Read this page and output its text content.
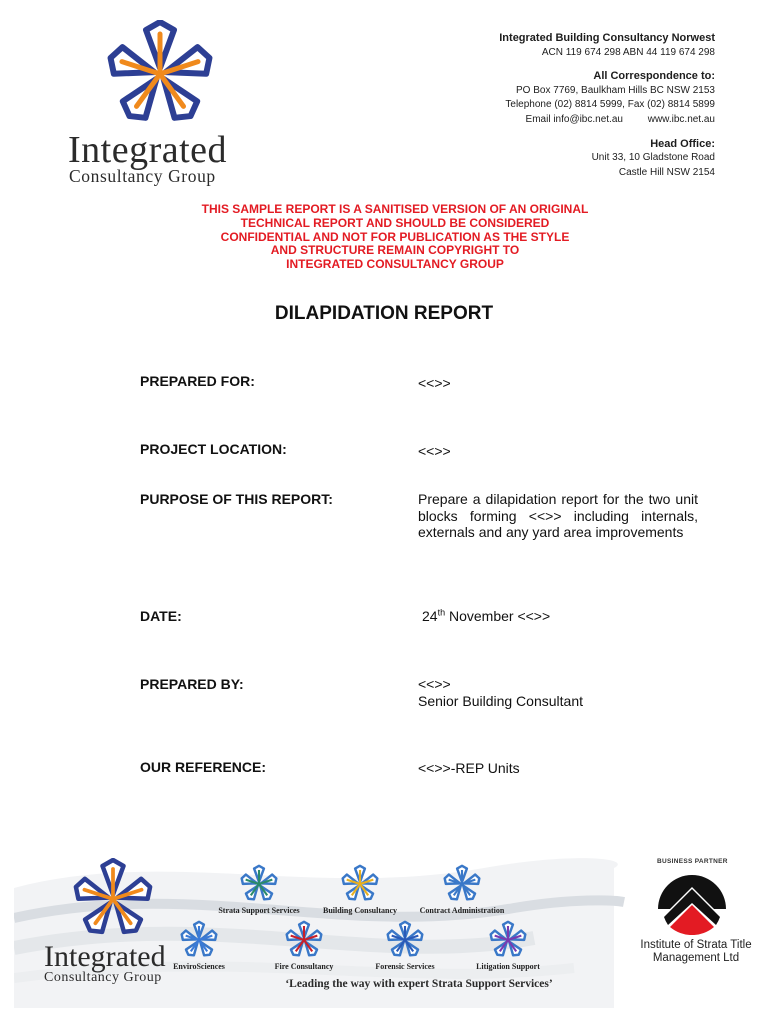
Integrated
Consultancy Group
Integrated Building Consultancy Norwest
ACN 119 674 298 ABN 44 119 674 298
All Correspondence to:
PO Box 7769, Baulkham Hills BC NSW 2153
Telephone (02) 8814 5999, Fax (02) 8814 5899
Email info@ibc.net.au www.ibc.net.au
Head Office:
Unit 33, 10 Gladstone Road
Castle Hill NSW 2154
THIS SAMPLE REPORT IS A SANITISED VERSION OF AN ORIGINAL
TECHNICAL REPORT AND SHOULD BE CONSIDERED
CONFIDENTIAL AND NOT FOR PUBLICATION AS THE STYLE
AND STRUCTURE REMAIN COPYRIGHT TO
INTEGRATED CONSULTANCY GROUP
DILAPIDATION REPORT
PREPARED FOR:	<<>>
PROJECT LOCATION:	<<>>
PURPOSE OF THIS REPORT:	Prepare a dilapidation report for the two unit blocks forming <<>> including internals, externals and any yard area improvements
DATE:	24th November <<>>
PREPARED BY:	<<>>
Senior Building Consultant
OUR REFERENCE:	<<>>-REP Units
Integrated
Consultancy Group
Strata Support Services	Building Consultancy	Contract Administration
EnviroSciences	Fire Consultancy	Forensic Services	Litigation Support
‘Leading the way with expert Strata Support Services’
BUSINESS PARTNER
Institute of Strata Title
Management Ltd
